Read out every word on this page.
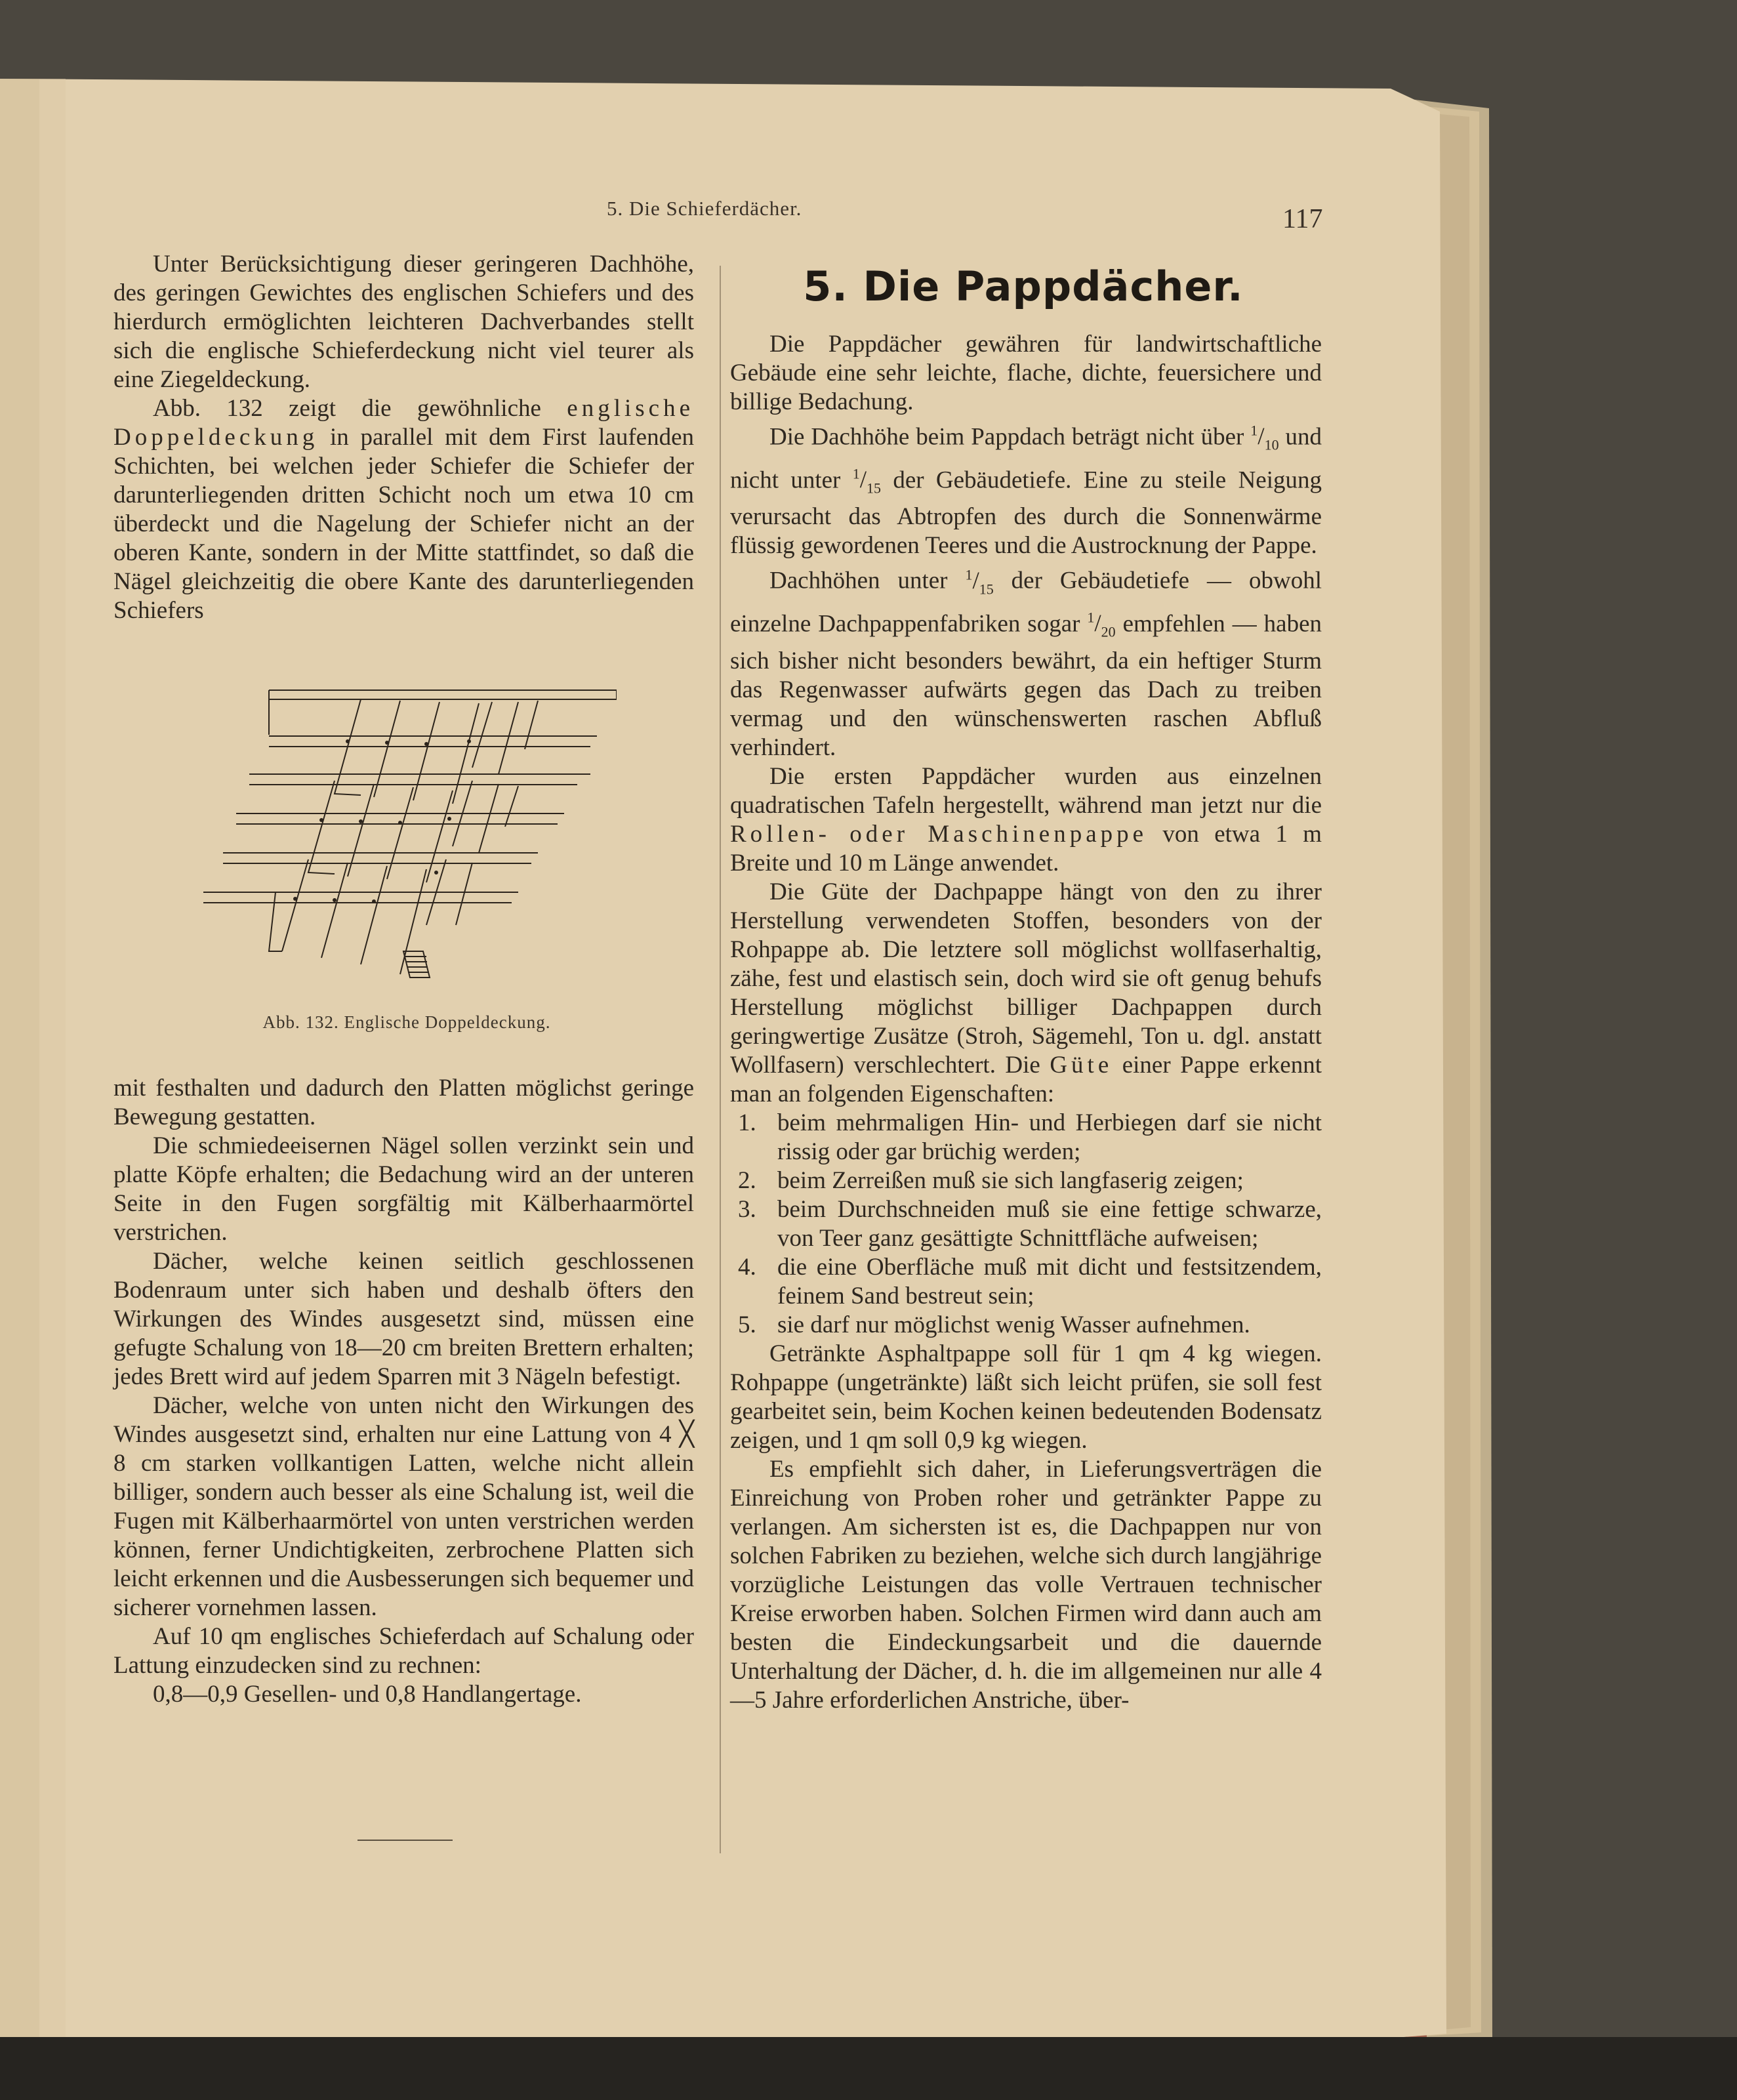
5. Die Schieferdächer.	117

Unter Berücksichtigung dieser geringeren Dachhöhe, des geringen Gewichtes des englischen Schiefers und des hierdurch ermöglichten leichteren Dachverbandes stellt sich die englische Schieferdeckung nicht viel teurer als eine Ziegeldeckung.

Abb. 132 zeigt die gewöhnliche englische Doppeldeckung in parallel mit dem First laufenden Schichten, bei welchen jeder Schiefer die Schiefer der darunterliegenden dritten Schicht noch um etwa 10 cm überdeckt und die Nagelung der Schiefer nicht an der oberen Kante, sondern in der Mitte stattfindet, so daß die Nägel gleichzeitig die obere Kante des darunterliegenden Schiefers

Abb. 132. Englische Doppeldeckung.

mit festhalten und dadurch den Platten möglichst geringe Bewegung gestatten.

Die schmiedeeisernen Nägel sollen verzinkt sein und platte Köpfe erhalten; die Bedachung wird an der unteren Seite in den Fugen sorgfältig mit Kälberhaarmörtel verstrichen.

Dächer, welche keinen seitlich geschlossenen Bodenraum unter sich haben und deshalb öfters den Wirkungen des Windes ausgesetzt sind, müssen eine gefugte Schalung von 18—20 cm breiten Brettern erhalten; jedes Brett wird auf jedem Sparren mit 3 Nägeln befestigt.

Dächer, welche von unten nicht den Wirkungen des Windes ausgesetzt sind, erhalten nur eine Lattung von 4 ╳ 8 cm starken vollkantigen Latten, welche nicht allein billiger, sondern auch besser als eine Schalung ist, weil die Fugen mit Kälberhaarmörtel von unten verstrichen werden können, ferner Undichtigkeiten, zerbrochene Platten sich leicht erkennen und die Ausbesserungen sich bequemer und sicherer vornehmen lassen.

Auf 10 qm englisches Schieferdach auf Schalung oder Lattung einzudecken sind zu rechnen:

0,8—0,9 Gesellen- und 0,8 Handlangertage.

5. Die Pappdächer.

Die Pappdächer gewähren für landwirtschaftliche Gebäude eine sehr leichte, flache, dichte, feuersichere und billige Bedachung.

Die Dachhöhe beim Pappdach beträgt nicht über $^1/_{10}$ und nicht unter $^1/_{15}$ der Gebäudetiefe. Eine zu steile Neigung verursacht das Abtropfen des durch die Sonnenwärme flüssig gewordenen Teeres und die Austrocknung der Pappe.

Dachhöhen unter $^1/_{15}$ der Gebäudetiefe — obwohl einzelne Dachpappenfabriken sogar $^1/_{20}$ empfehlen — haben sich bisher nicht besonders bewährt, da ein heftiger Sturm das Regenwasser aufwärts gegen das Dach zu treiben vermag und den wünschenswerten raschen Abfluß verhindert.

Die ersten Pappdächer wurden aus einzelnen quadratischen Tafeln hergestellt, während man jetzt nur die Rollen- oder Maschinenpappe von etwa 1 m Breite und 10 m Länge anwendet.

Die Güte der Dachpappe hängt von den zu ihrer Herstellung verwendeten Stoffen, besonders von der Rohpappe ab. Die letztere soll möglichst wollfaserhaltig, zähe, fest und elastisch sein, doch wird sie oft genug behufs Herstellung möglichst billiger Dachpappen durch geringwertige Zusätze (Stroh, Sägemehl, Ton u. dgl. anstatt Wollfasern) verschlechtert. Die Güte einer Pappe erkennt man an folgenden Eigenschaften:

1. beim mehrmaligen Hin- und Herbiegen darf sie nicht rissig oder gar brüchig werden;
2. beim Zerreißen muß sie sich langfaserig zeigen;
3. beim Durchschneiden muß sie eine fettige schwarze, von Teer ganz gesättigte Schnittfläche aufweisen;
4. die eine Oberfläche muß mit dicht und festsitzendem, feinem Sand bestreut sein;
5. sie darf nur möglichst wenig Wasser aufnehmen.

Getränkte Asphaltpappe soll für 1 qm 4 kg wiegen. Rohpappe (ungetränkte) läßt sich leicht prüfen, sie soll fest gearbeitet sein, beim Kochen keinen bedeutenden Bodensatz zeigen, und 1 qm soll 0,9 kg wiegen.

Es empfiehlt sich daher, in Lieferungsverträgen die Einreichung von Proben roher und getränkter Pappe zu verlangen. Am sichersten ist es, die Dachpappen nur von solchen Fabriken zu beziehen, welche sich durch langjährige vorzügliche Leistungen das volle Vertrauen technischer Kreise erworben haben. Solchen Firmen wird dann auch am besten die Eindeckungsarbeit und die dauernde Unterhaltung der Dächer, d. h. die im allgemeinen nur alle 4—5 Jahre erforderlichen Anstriche, über-
